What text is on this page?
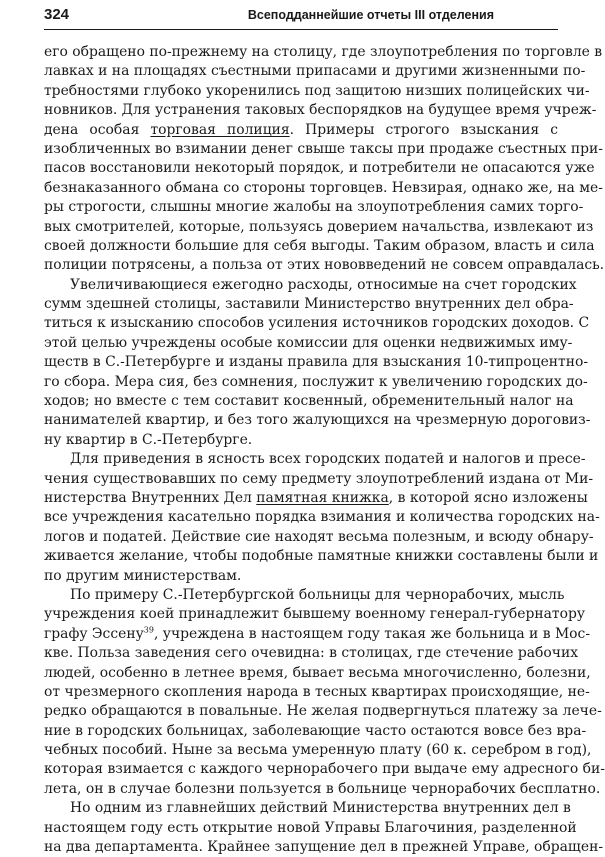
324	Всеподданнейшие отчеты III отделения
его обращено по-прежнему на столицу, где злоупотребления по торговле в
лавках и на площадях съестными припасами и другими жизненными по-
требностями глубоко укоренились под защитою низших полицейских чи-
новников. Для устранения таковых беспорядков на будущее время учреж-
дена особая торговая полиция. Примеры строгого взыскания с
изобличенных во взимании денег свыше таксы при продаже съестных при-
пасов восстановили некоторый порядок, и потребители не опасаются уже
безнаказанного обмана со стороны торговцев. Невзирая, однако же, на ме-
ры строгости, слышны многие жалобы на злоупотребления самих торго-
вых смотрителей, которые, пользуясь доверием начальства, извлекают из
своей должности большие для себя выгоды. Таким образом, власть и сила
полиции потрясены, а польза от этих нововведений не совсем оправдалась.
Увеличивающиеся ежегодно расходы, относимые на счет городских
сумм здешней столицы, заставили Министерство внутренних дел обра-
титься к изысканию способов усиления источников городских доходов. С
этой целью учреждены особые комиссии для оценки недвижимых иму-
ществ в С.-Петербурге и изданы правила для взыскания 10-типроцентно-
го сбора. Мера сия, без сомнения, послужит к увеличению городских до-
ходов; но вместе с тем составит косвенный, обременительный налог на
нанимателей квартир, и без того жалующихся на чрезмерную дороговиз-
ну квартир в С.-Петербурге.
Для приведения в ясность всех городских податей и налогов и пресе-
чения существовавших по сему предмету злоупотреблений издана от Ми-
нистерства Внутренних Дел памятная книжка, в которой ясно изложены
все учреждения касательно порядка взимания и количества городских на-
логов и податей. Действие сие находят весьма полезным, и всюду обнару-
живается желание, чтобы подобные памятные книжки составлены были и
по другим министерствам.
По примеру С.-Петербургской больницы для чернорабочих, мысль
учреждения коей принадлежит бывшему военному генерал-губернатору
графу Эссену$^{39}$, учреждена в настоящем году такая же больница и в Мос-
кве. Польза заведения сего очевидна: в столицах, где стечение рабочих
людей, особенно в летнее время, бывает весьма многочисленно, болезни,
от чрезмерного скопления народа в тесных квартирах происходящие, не-
редко обращаются в повальные. Не желая подвергнуться платежу за лече-
ние в городских больницах, заболевающие часто остаются вовсе без вра-
чебных пособий. Ныне за весьма умеренную плату (60 к. серебром в год),
которая взимается с каждого чернорабочего при выдаче ему адресного би-
лета, он в случае болезни пользуется в больнице чернорабочих бесплатно.
Но одним из главнейших действий Министерства внутренних дел в
настоящем году есть открытие новой Управы Благочиния, разделенной
на два департамента. Крайнее запущение дел в прежней Управе, обращен-
